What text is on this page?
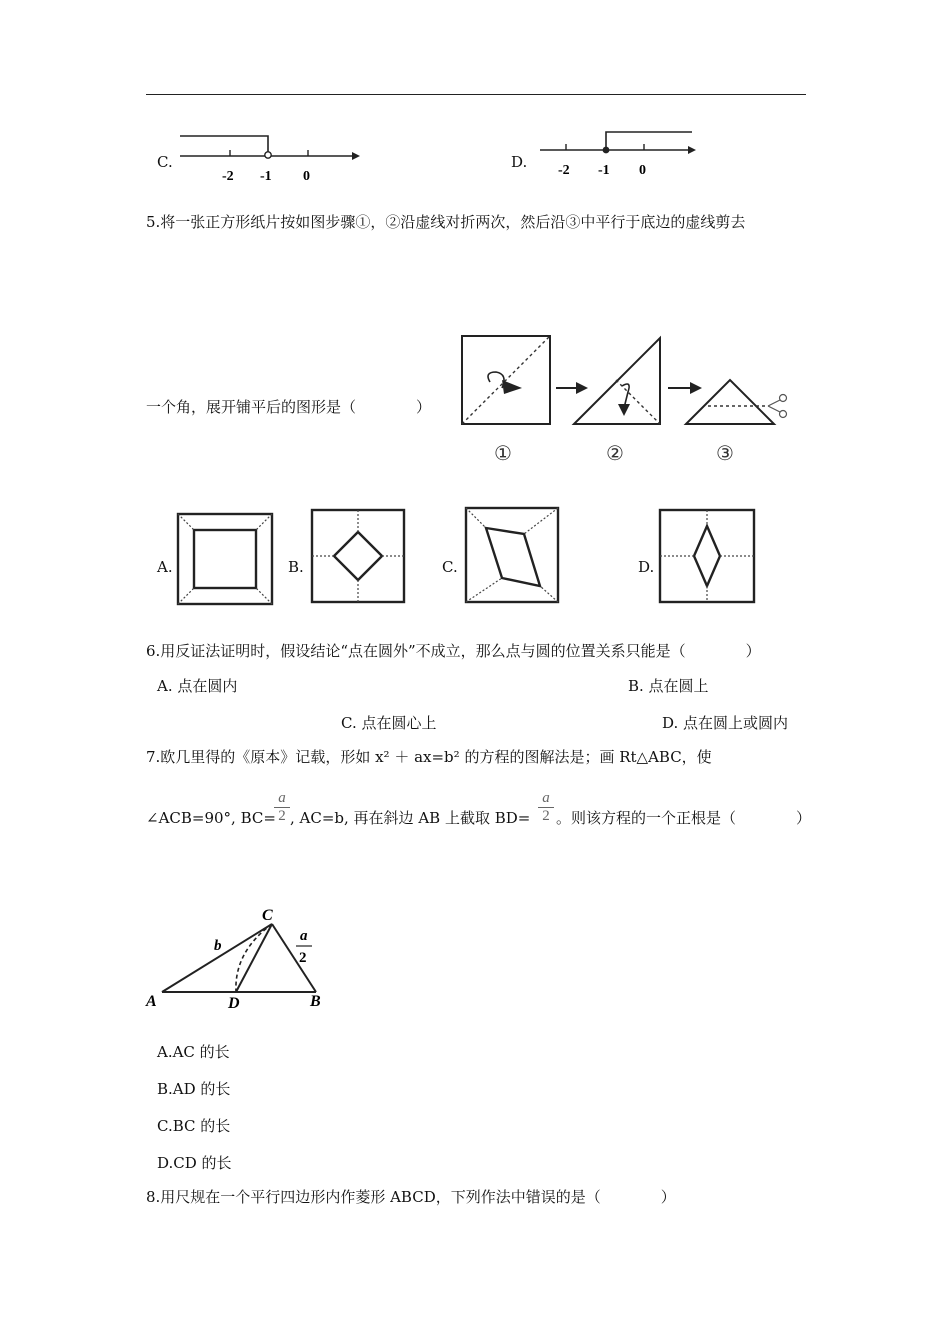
C.
-2 -1 0
D. -2 -1 0
5.将一张正方形纸片按如图步骤①，②沿虚线对折两次，然后沿③中平行于底边的虚线剪去
一个角，展开铺平后的图形是（　　　　）
①	②	③
A.	B.	C.	D.
6.用反证法证明时，假设结论“点在圆外”不成立，那么点与圆的位置关系只能是（　　　　）
A. 点在圆内	B. 点在圆上
C. 点在圆心上	D. 点在圆上或圆内
7.欧几里得的《原本》记载，形如 x² ＋ ax=b² 的方程的图解法是；画 Rt△ABC，使
∠ACB=90°, BC=
a
2 , AC=b, 再在斜边 AB 上截取 BD=
a
2 。则该方程的一个正根是（　　　　）
C
A	D	B
b
a
2
A.AC 的长
B.AD 的长
C.BC 的长
D.CD 的长
8.用尺规在一个平行四边形内作菱形 ABCD，下列作法中错误的是（　　　　）
